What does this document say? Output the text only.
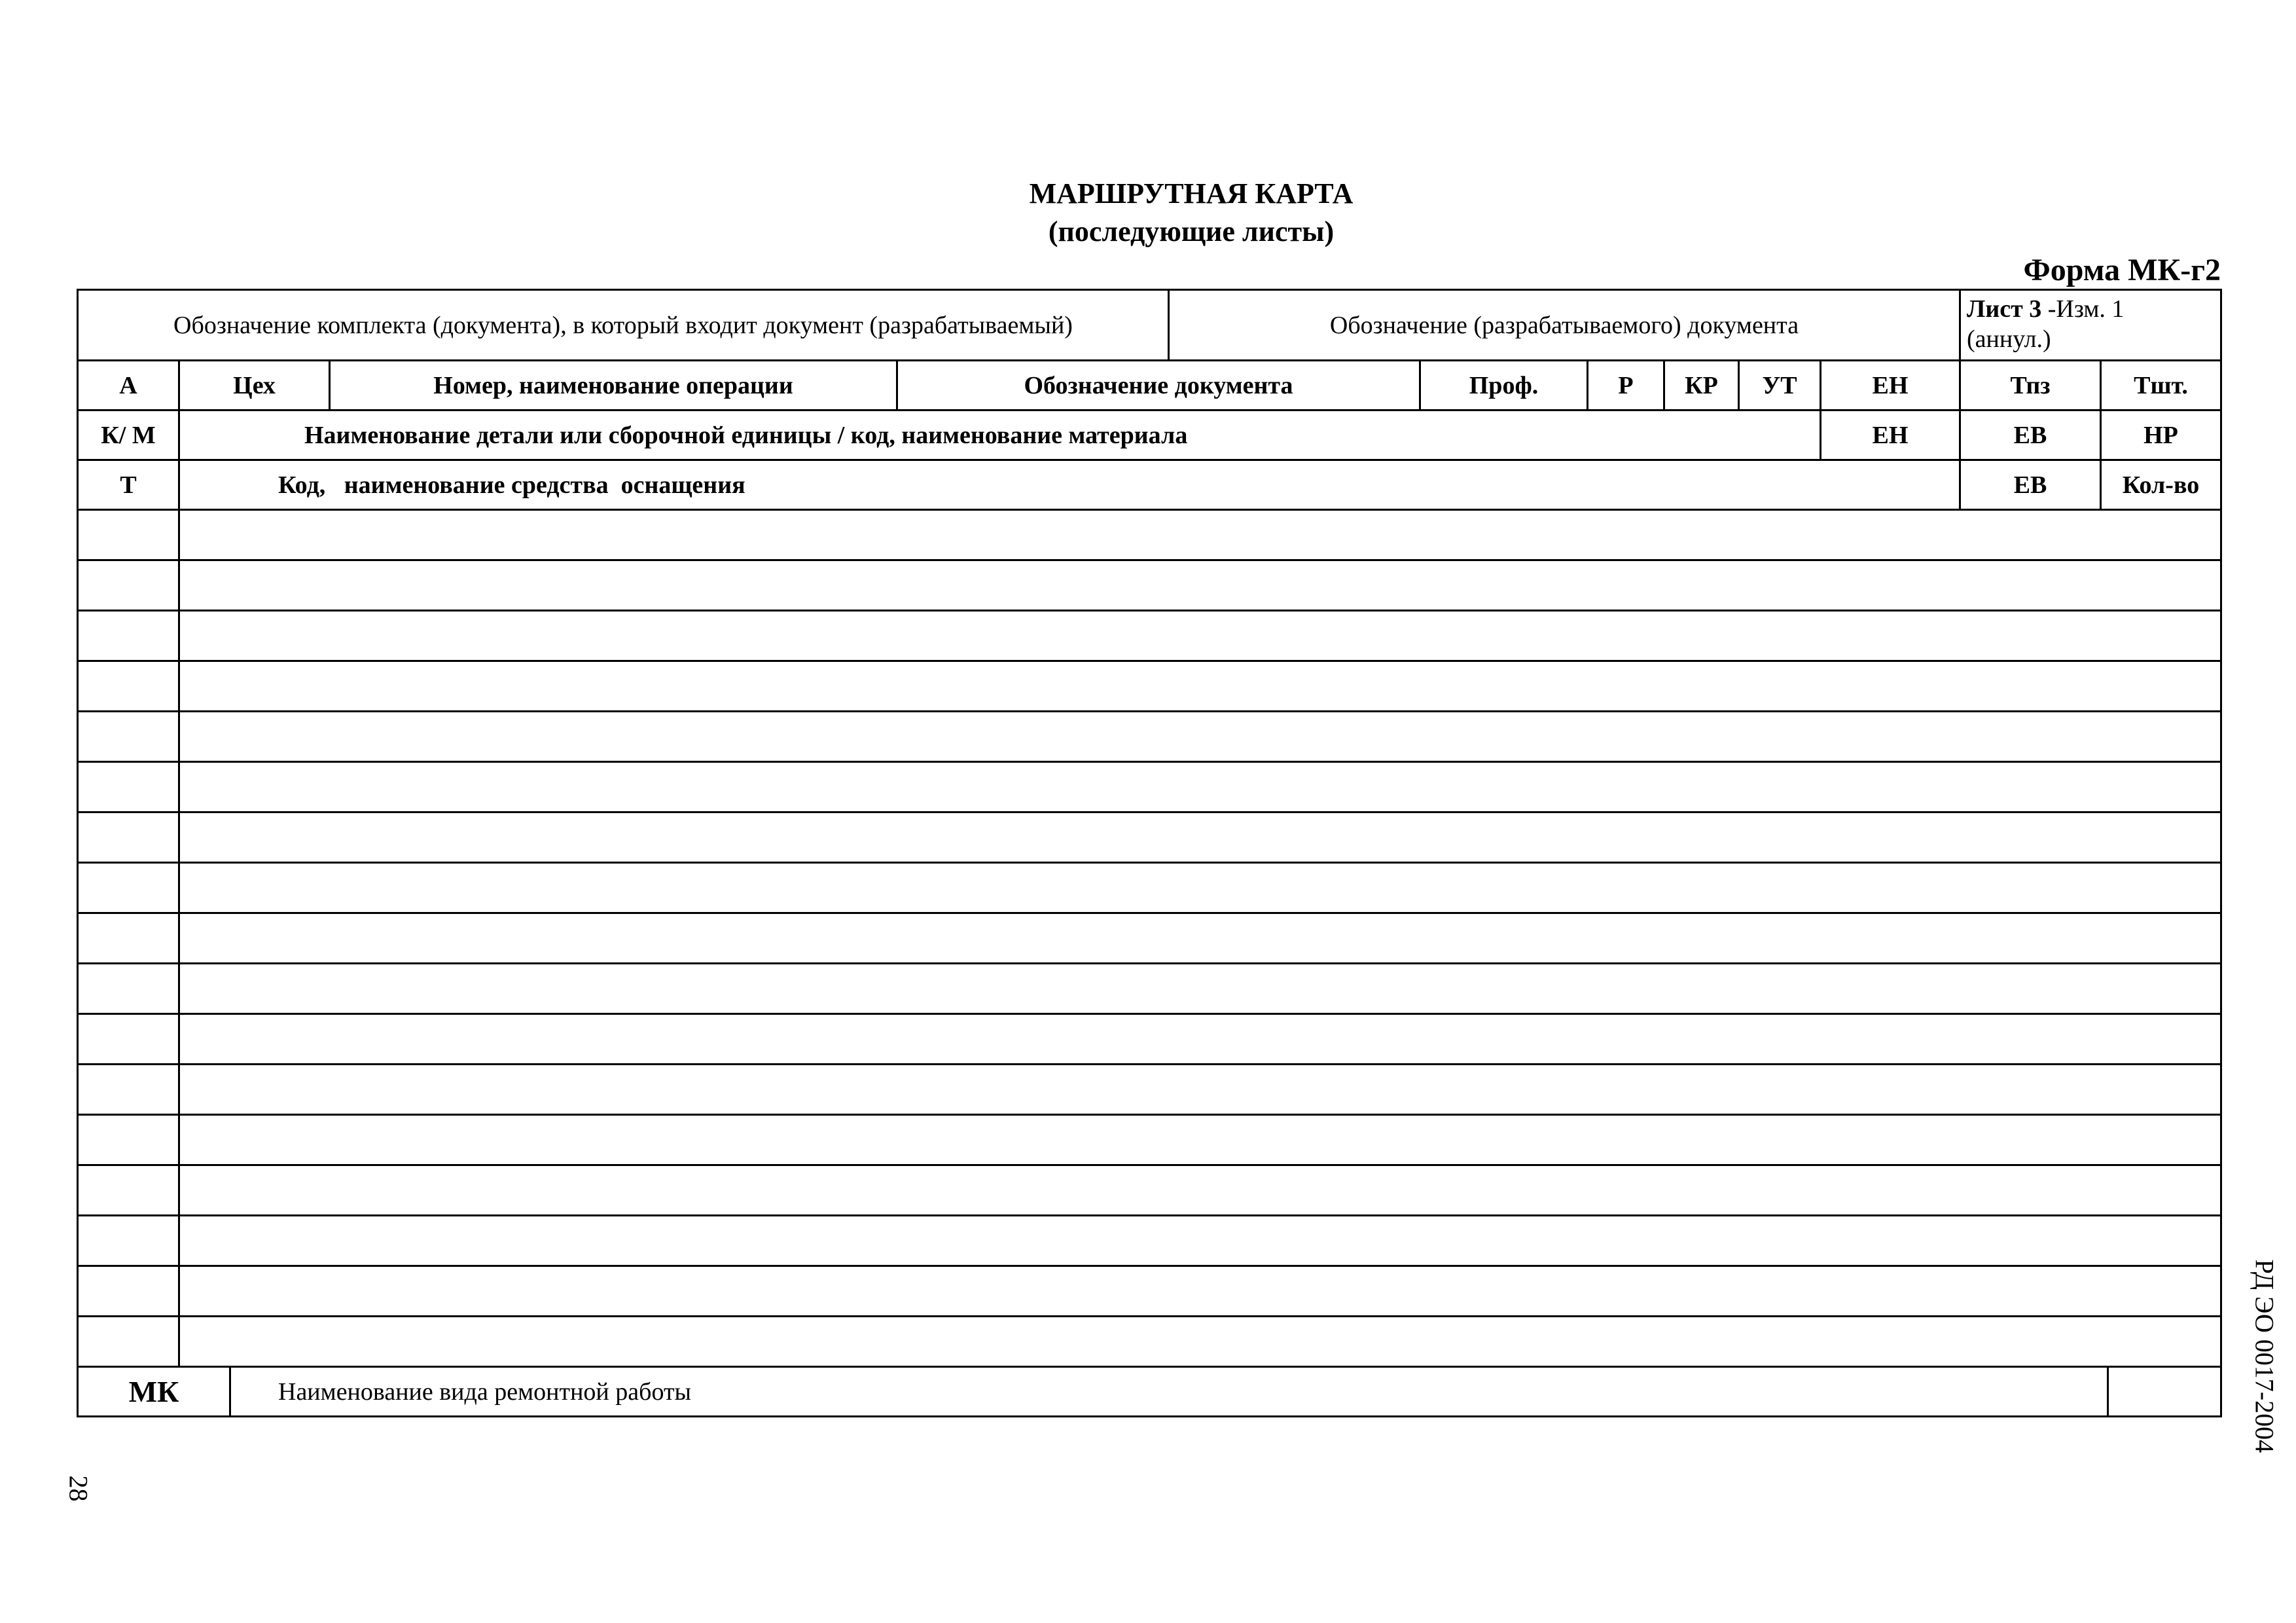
МАРШРУТНАЯ КАРТА
(последующие листы)
Форма МК-г2
Обозначение комплекта (документа), в который входит документ (разрабатываемый)	Обозначение (разрабатываемого) документа
Лист 3 -Изм. 1
(аннул.)
А	Цех	Номер, наименование операции	Обозначение документа	Проф.	Р	КР	УТ	ЕН	Тпз	Тшт.
К/ М	Наименование детали или сборочной единицы / код, наименование материала	ЕН	ЕВ	НР
Т	Код,   наименование средства  оснащения	ЕВ	Кол-во
МК	Наименование вида ремонтной работы
28
РД ЭО 0017-2004
